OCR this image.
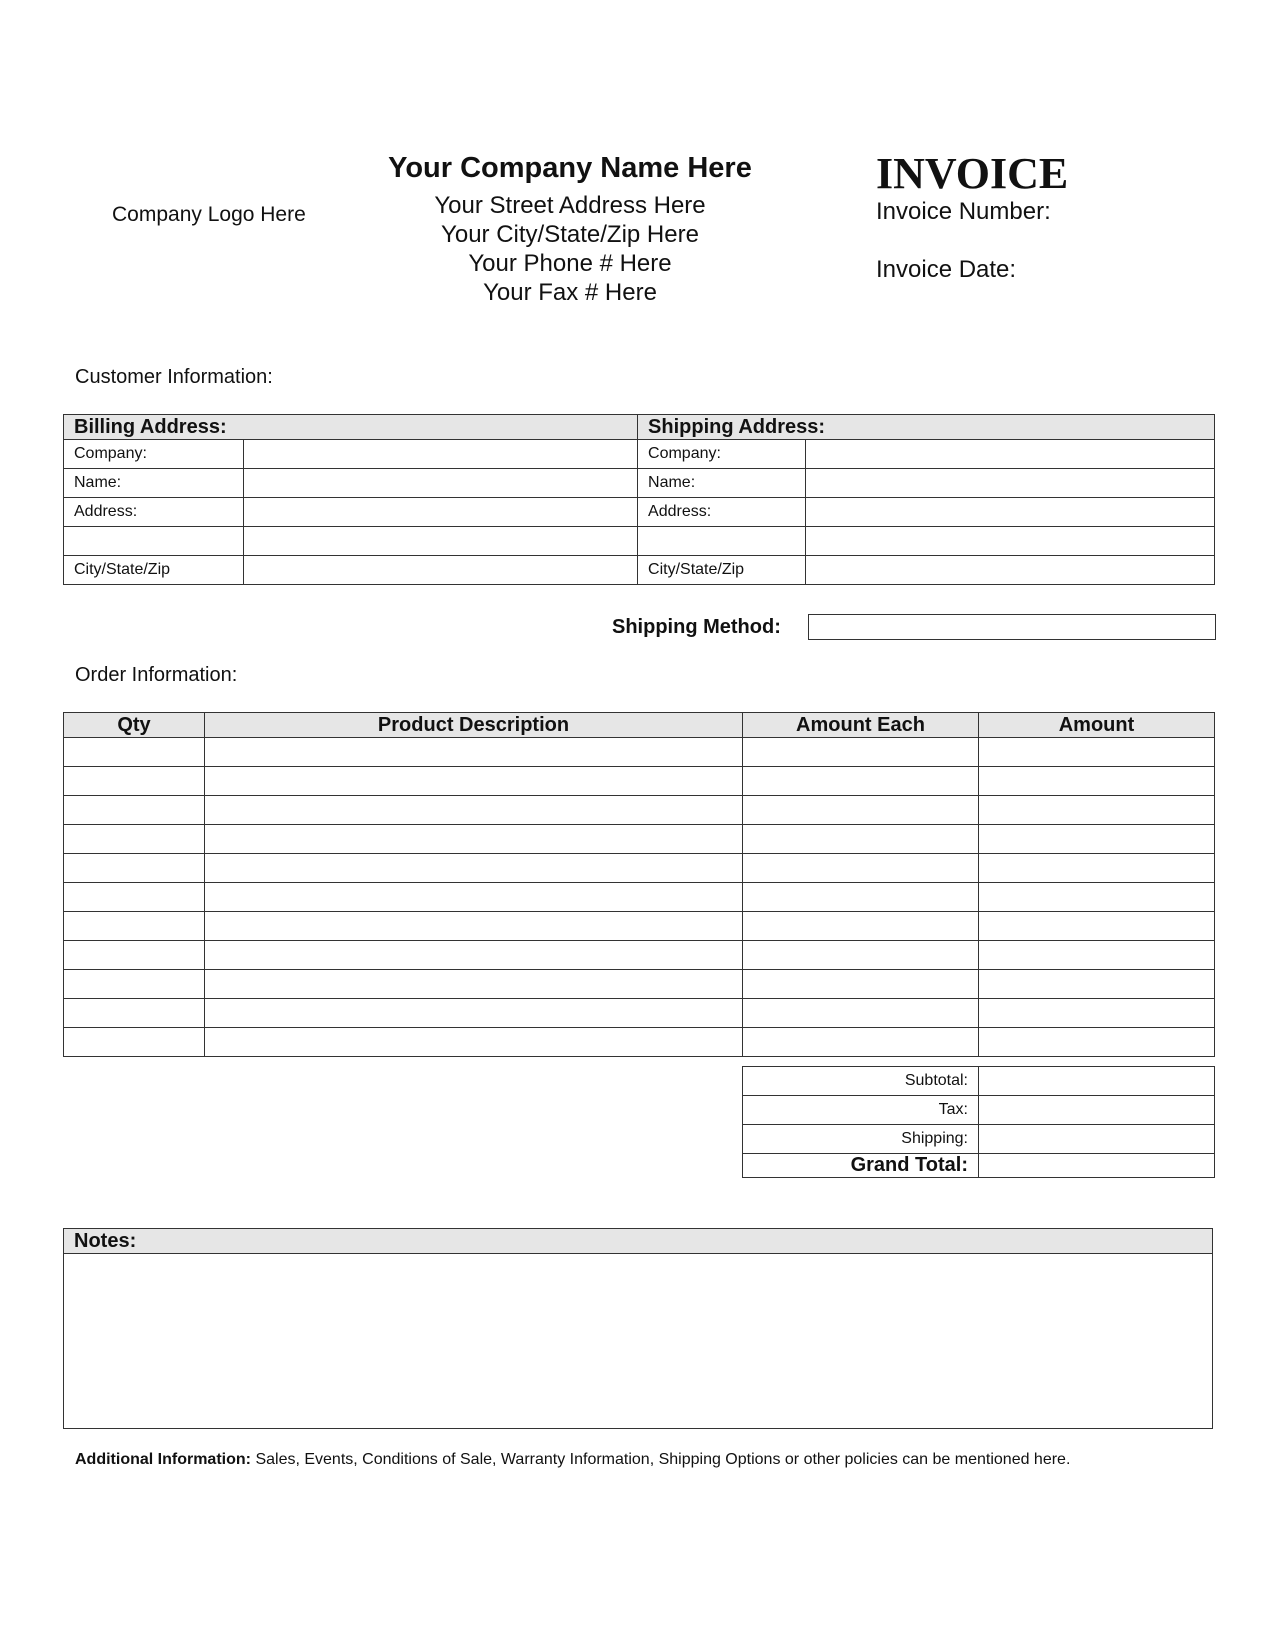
Company Logo Here
Your Company Name Here
Your Street Address Here
Your City/State/Zip Here
Your Phone # Here
Your Fax # Here
INVOICE
Invoice Number:
Invoice Date:
Customer Information:
Billing Address:		Shipping Address:	
Company:		Company:	
Name:		Name:	
Address:		Address:	

City/State/Zip		City/State/Zip	
Shipping Method:
Order Information:
Qty	Product Description	Amount Each	Amount

Subtotal:	
Tax:	
Shipping:	
Grand Total:	
Notes:
Additional Information: Sales, Events, Conditions of Sale, Warranty Information, Shipping Options or other policies can be mentioned here.
